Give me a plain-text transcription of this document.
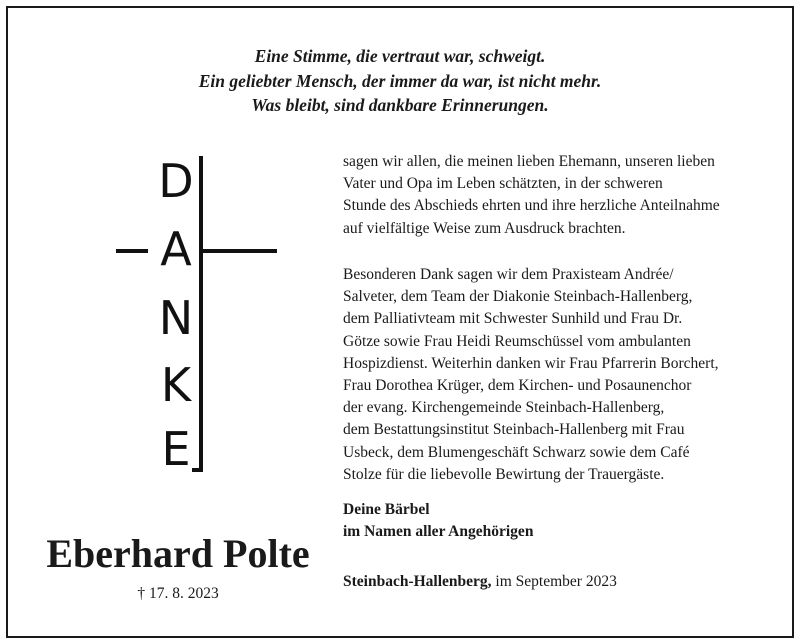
Eine Stimme, die vertraut war, schweigt.
Ein geliebter Mensch, der immer da war, ist nicht mehr.
Was bleibt, sind dankbare Erinnerungen.
D
A
N
K
E
Eberhard Polte
† 17. 8. 2023
sagen wir allen, die meinen lieben Ehemann, unseren lieben
Vater und Opa im Leben schätzten, in der schweren
Stunde des Abschieds ehrten und ihre herzliche Anteilnahme
auf vielfältige Weise zum Ausdruck brachten.
Besonderen Dank sagen wir dem Praxisteam Andrée/
Salveter, dem Team der Diakonie Steinbach-Hallenberg,
dem Palliativteam mit Schwester Sunhild und Frau Dr.
Götze sowie Frau Heidi Reumschüssel vom ambulanten
Hospizdienst. Weiterhin danken wir Frau Pfarrerin Borchert,
Frau Dorothea Krüger, dem Kirchen- und Posaunenchor
der evang. Kirchengemeinde Steinbach-Hallenberg,
dem Bestattungsinstitut Steinbach-Hallenberg mit Frau
Usbeck, dem Blumengeschäft Schwarz sowie dem Café
Stolze für die liebevolle Bewirtung der Trauergäste.
Deine Bärbel
im Namen aller Angehörigen
Steinbach-Hallenberg, im September 2023
